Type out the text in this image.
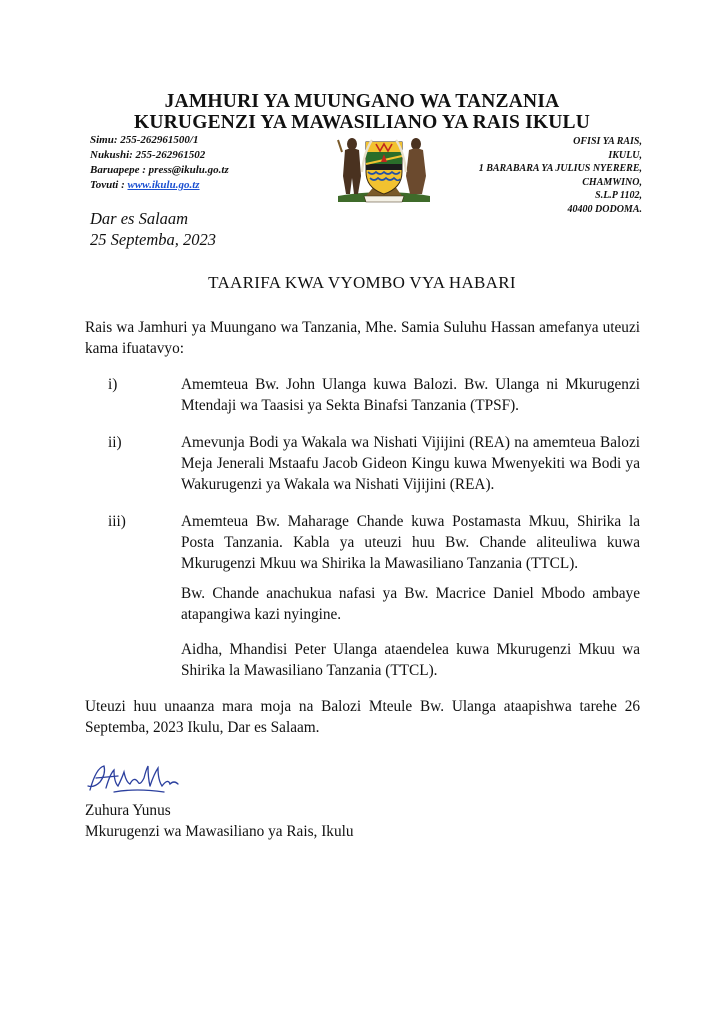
JAMHURI YA MUUNGANO WA TANZANIA
KURUGENZI YA MAWASILIANO YA RAIS IKULU
Simu: 255-262961500/1
Nukushi: 255-262961502
Baruapepe : press@ikulu.go.tz
Tovuti : www.ikulu.go.tz
OFISI YA RAIS,
IKULU,
1 BARABARA YA JULIUS NYERERE,
CHAMWINO,
S.L.P 1102,
40400 DODOMA.
Dar es Salaam
25 Septemba, 2023
TAARIFA KWA VYOMBO VYA HABARI
Rais wa Jamhuri ya Muungano wa Tanzania, Mhe. Samia Suluhu Hassan amefanya uteuzi kama ifuatavyo:
i)	Amemteua Bw. John Ulanga kuwa Balozi. Bw. Ulanga ni Mkurugenzi Mtendaji wa Taasisi ya Sekta Binafsi Tanzania (TPSF).
ii)	Amevunja Bodi ya Wakala wa Nishati Vijijini (REA) na amemteua Balozi Meja Jenerali Mstaafu Jacob Gideon Kingu kuwa Mwenyekiti wa Bodi ya Wakurugenzi ya Wakala wa Nishati Vijijini (REA).
iii)	Amemteua Bw. Maharage Chande kuwa Postamasta Mkuu, Shirika la Posta Tanzania. Kabla ya uteuzi huu Bw. Chande aliteuliwa kuwa Mkurugenzi Mkuu wa Shirika la Mawasiliano Tanzania (TTCL).
Bw. Chande anachukua nafasi ya Bw. Macrice Daniel Mbodo ambaye atapangiwa kazi nyingine.
Aidha, Mhandisi Peter Ulanga ataendelea kuwa Mkurugenzi Mkuu wa Shirika la Mawasiliano Tanzania (TTCL).
Uteuzi huu unaanza mara moja na Balozi Mteule Bw. Ulanga ataapishwa tarehe 26 Septemba, 2023 Ikulu, Dar es Salaam.
Zuhura Yunus
Mkurugenzi wa Mawasiliano ya Rais, Ikulu
